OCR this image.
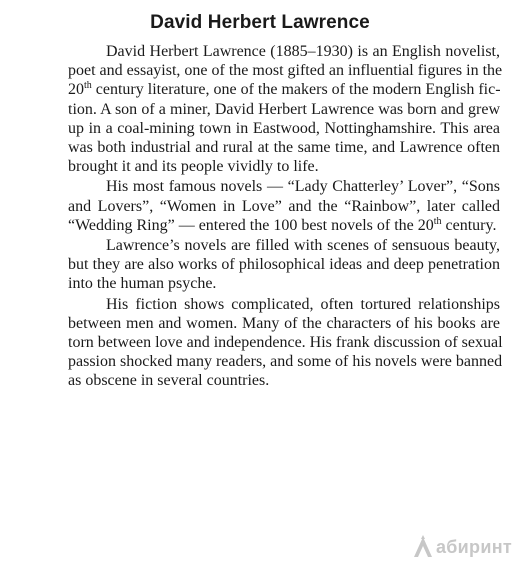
David Herbert Lawrence
David Herbert Lawrence (1885–1930) is an English novelist,
poet and essayist, one of the most gifted an influential figures in the
20th century literature, one of the makers of the modern English fic-
tion. A son of a miner, David Herbert Lawrence was born and grew
up in a coal-mining town in Eastwood, Nottinghamshire. This area
was both industrial and rural at the same time, and Lawrence often
brought it and its people vividly to life.
His most famous novels — “Lady Chatterley’ Lover”, “Sons
and Lovers”, “Women in Love” and the “Rainbow”, later called
“Wedding Ring” — entered the 100 best novels of the 20th century.
Lawrence’s novels are filled with scenes of sensuous beauty,
but they are also works of philosophical ideas and deep penetration
into the human psyche.
His fiction shows complicated, often tortured relationships
between men and women. Many of the characters of his books are
torn between love and independence. His frank discussion of sexual
passion shocked many readers, and some of his novels were banned
as obscene in several countries.
абиринт
